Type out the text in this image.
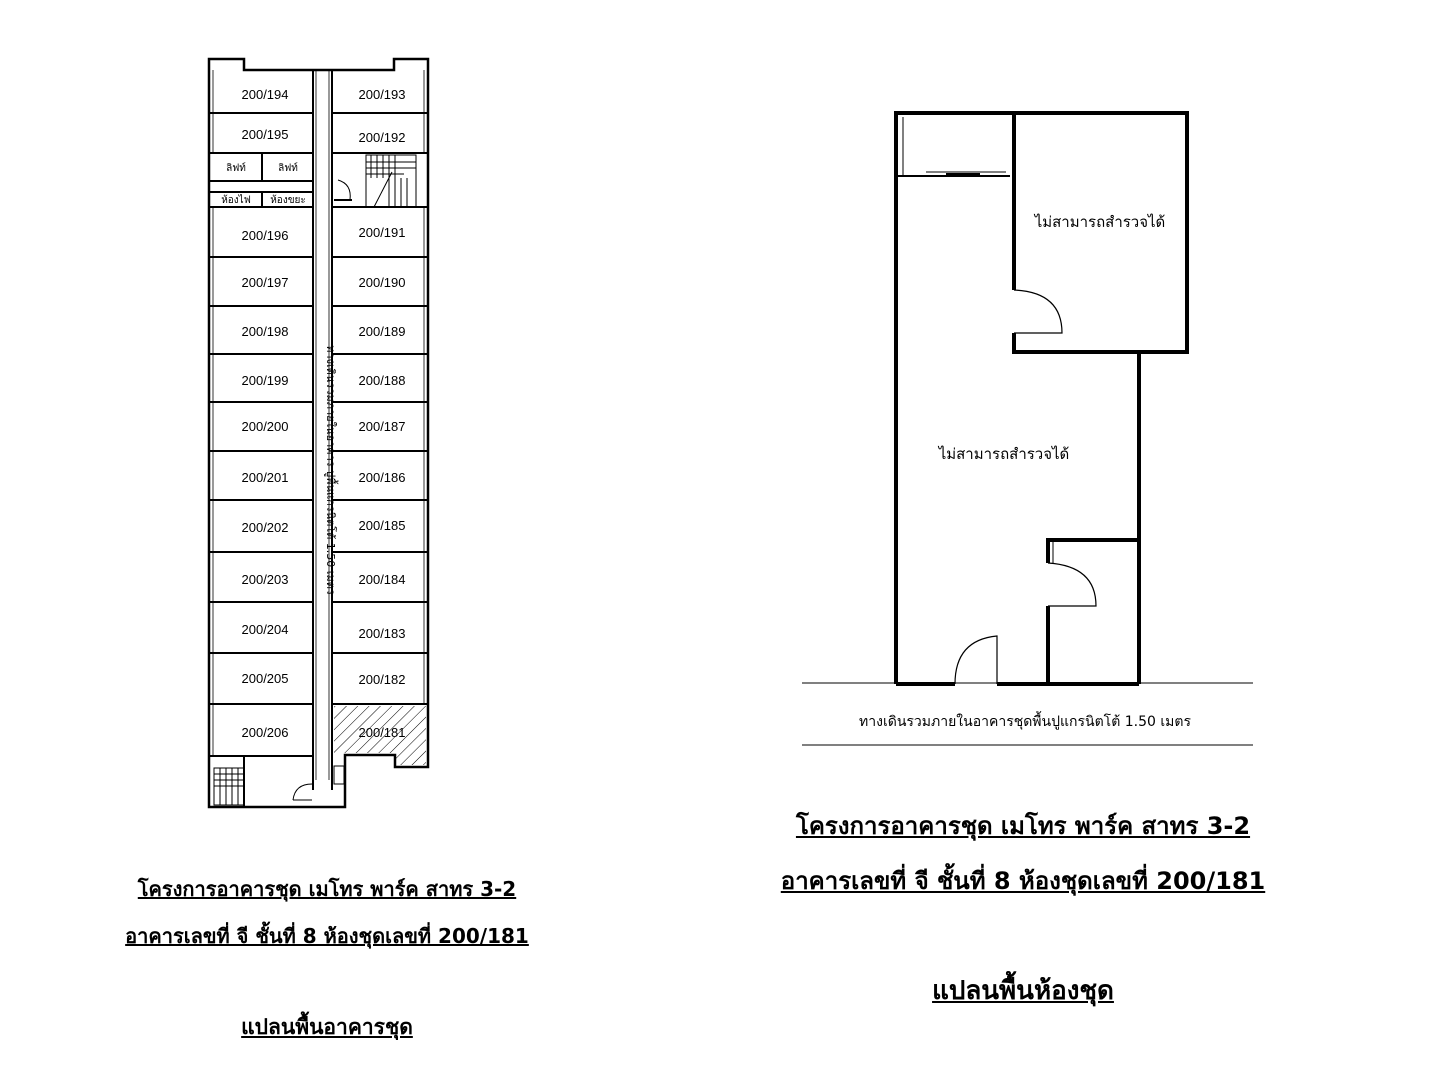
200/194
200/195
200/196
200/197
200/198
200/199
200/200
200/201
200/202
200/203
200/204
200/205
200/206
200/193
200/192
200/191
200/190
200/189
200/188
200/187
200/186
200/185
200/184
200/183
200/182
200/181
ลิฟท์	ลิฟท์
ห้องไฟ ห้องขยะ
ทางเดินรวมภายในอาคาร ปูพื้นแกรนิตโต้ 1.50 เมตร
ไม่สามารถสำรวจได้
ไม่สามารถสำรวจได้
ทางเดินรวมภายในอาคารชุดพื้นปูแกรนิตโต้ 1.50 เมตร
โครงการอาคารชุด เมโทร พาร์ค สาทร 3-2
อาคารเลขที่ จี ชั้นที่ 8 ห้องชุดเลขที่ 200/181
แปลนพื้นอาคารชุด
โครงการอาคารชุด เมโทร พาร์ค สาทร 3-2
อาคารเลขที่ จี ชั้นที่ 8 ห้องชุดเลขที่ 200/181
แปลนพื้นห้องชุด
